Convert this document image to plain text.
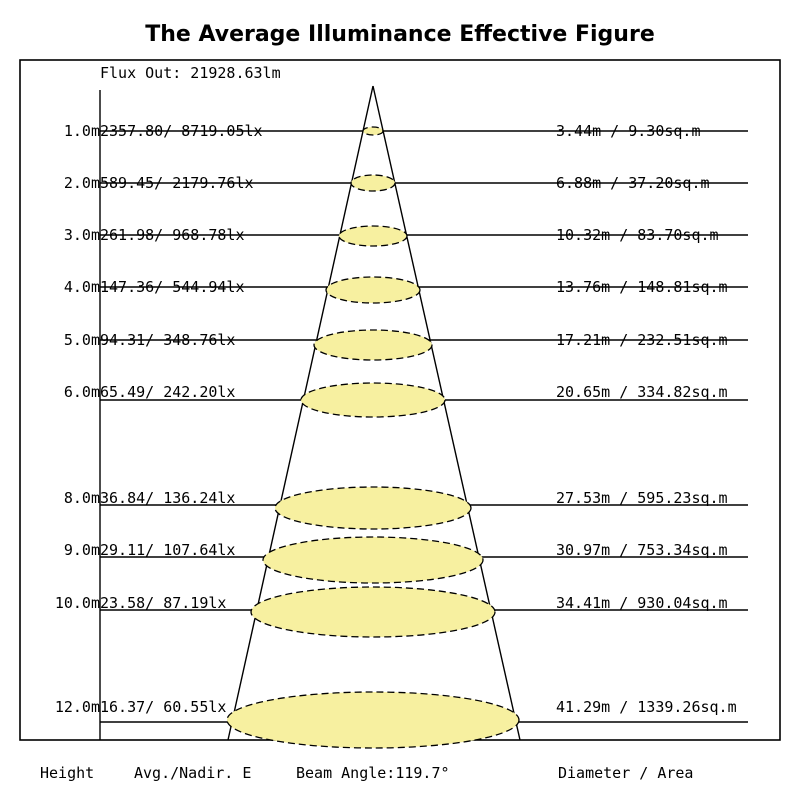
The Average Illuminance Effective Figure
Flux Out: 21928.63lm
1.0m 2357.80/ 8719.05lx	3.44m / 9.30sq.m
2.0m 589.45/ 2179.76lx	6.88m / 37.20sq.m
3.0m 261.98/ 968.78lx	10.32m / 83.70sq.m
4.0m 147.36/ 544.94lx	13.76m / 148.81sq.m
5.0m 94.31/ 348.76lx	17.21m / 232.51sq.m
6.0m 65.49/ 242.20lx	20.65m / 334.82sq.m
8.0m 36.84/ 136.24lx	27.53m / 595.23sq.m
9.0m 29.11/ 107.64lx	30.97m / 753.34sq.m
10.0m 23.58/ 87.19lx	34.41m / 930.04sq.m
12.0m 16.37/ 60.55lx	41.29m / 1339.26sq.m
Height	Avg./Nadir. E	Beam Angle:119.7°	Diameter / Area
